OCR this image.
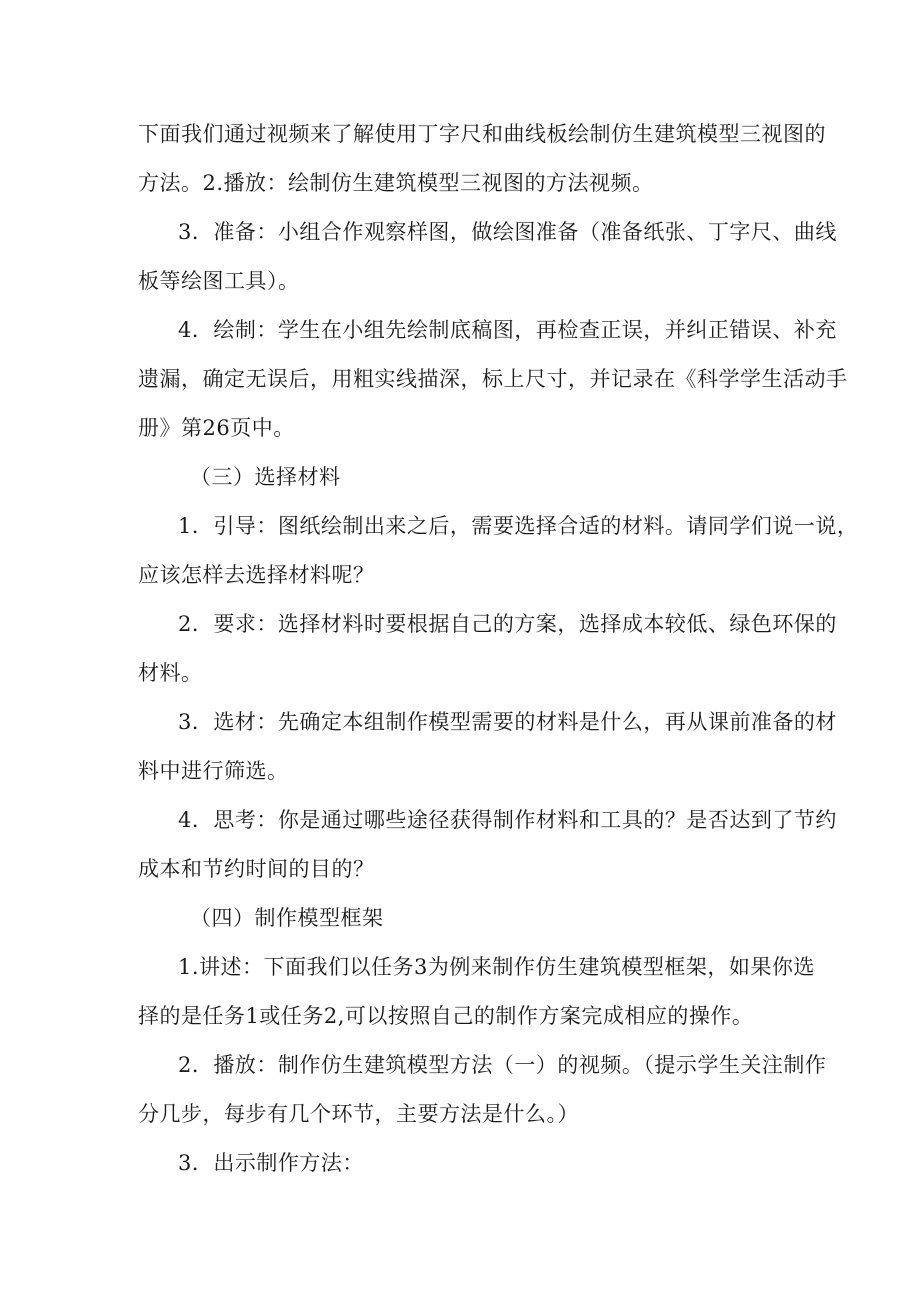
下面我们通过视频来了解使用丁字尺和曲线板绘制仿生建筑模型三视图的
方法。2.播放：绘制仿生建筑模型三视图的方法视频。
3．准备：小组合作观察样图，做绘图准备（准备纸张、丁字尺、曲线
板等绘图工具）。
4．绘制：学生在小组先绘制底稿图，再检查正误，并纠正错误、补充
遗漏，确定无误后，用粗实线描深，标上尺寸，并记录在《科学学生活动手
册》第26页中。
（三）选择材料
1．引导：图纸绘制出来之后，需要选择合适的材料。请同学们说一说，
应该怎样去选择材料呢？
2．要求：选择材料时要根据自己的方案，选择成本较低、绿色环保的
材料。
3．选材：先确定本组制作模型需要的材料是什么，再从课前准备的材
料中进行筛选。
4．思考：你是通过哪些途径获得制作材料和工具的？是否达到了节约
成本和节约时间的目的？
（四）制作模型框架
1.讲述：下面我们以任务3为例来制作仿生建筑模型框架，如果你选
择的是任务1或任务2,可以按照自己的制作方案完成相应的操作。
2．播放：制作仿生建筑模型方法（一）的视频。（提示学生关注制作
分几步，每步有几个环节，主要方法是什么。）
3．出示制作方法：
